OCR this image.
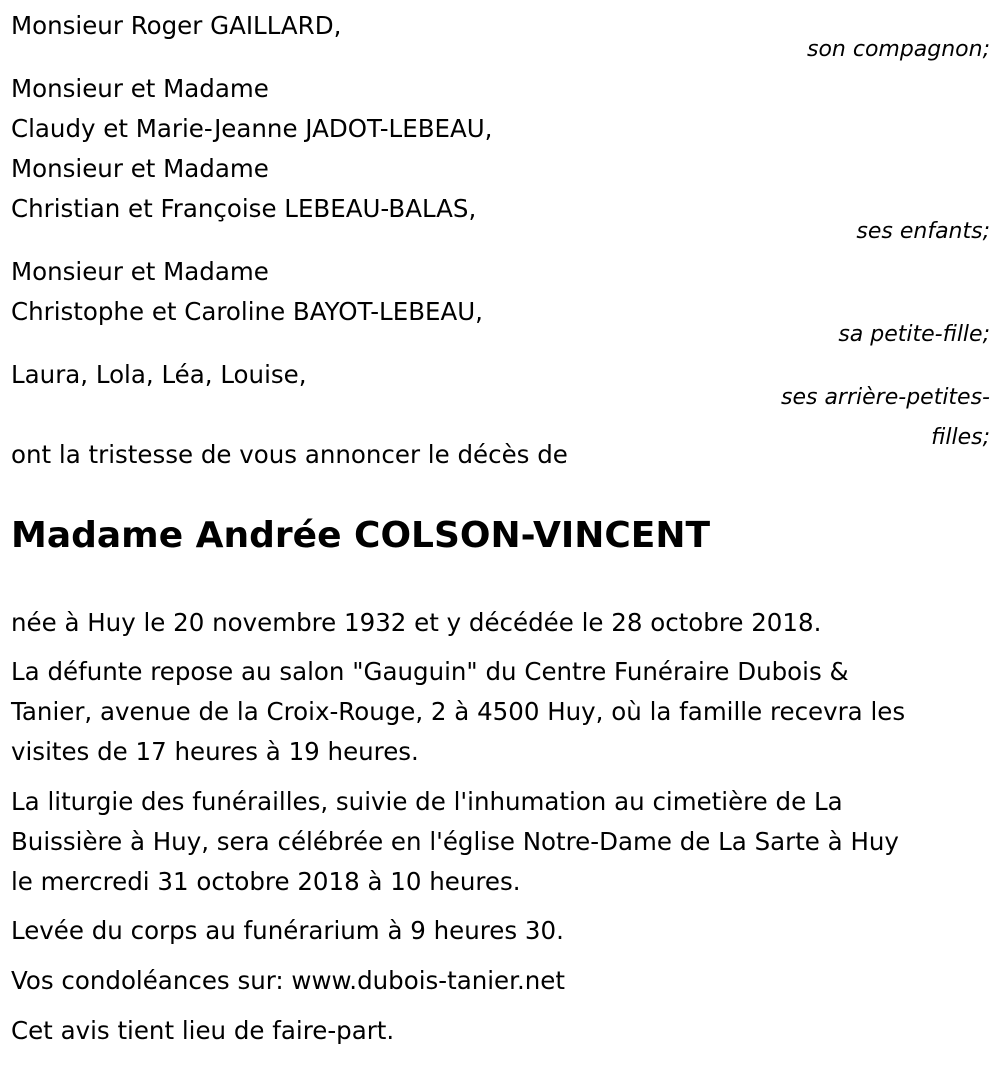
Monsieur Roger GAILLARD,
son compagnon;
Monsieur et Madame
Claudy et Marie-Jeanne JADOT-LEBEAU,
Monsieur et Madame
Christian et Françoise LEBEAU-BALAS,
ses enfants;
Monsieur et Madame
Christophe et Caroline BAYOT-LEBEAU,
sa petite-fille;
Laura, Lola, Léa, Louise,
ses arrière-petites-
filles;
ont la tristesse de vous annoncer le décès de
Madame Andrée COLSON-VINCENT
née à Huy le 20 novembre 1932 et y décédée le 28 octobre 2018.
La défunte repose au salon "Gauguin" du Centre Funéraire Dubois &
Tanier, avenue de la Croix-Rouge, 2 à 4500 Huy, où la famille recevra les
visites de 17 heures à 19 heures.
La liturgie des funérailles, suivie de l'inhumation au cimetière de La
Buissière à Huy, sera célébrée en l'église Notre-Dame de La Sarte à Huy
le mercredi 31 octobre 2018 à 10 heures.
Levée du corps au funérarium à 9 heures 30.
Vos condoléances sur: www.dubois-tanier.net
Cet avis tient lieu de faire-part.
